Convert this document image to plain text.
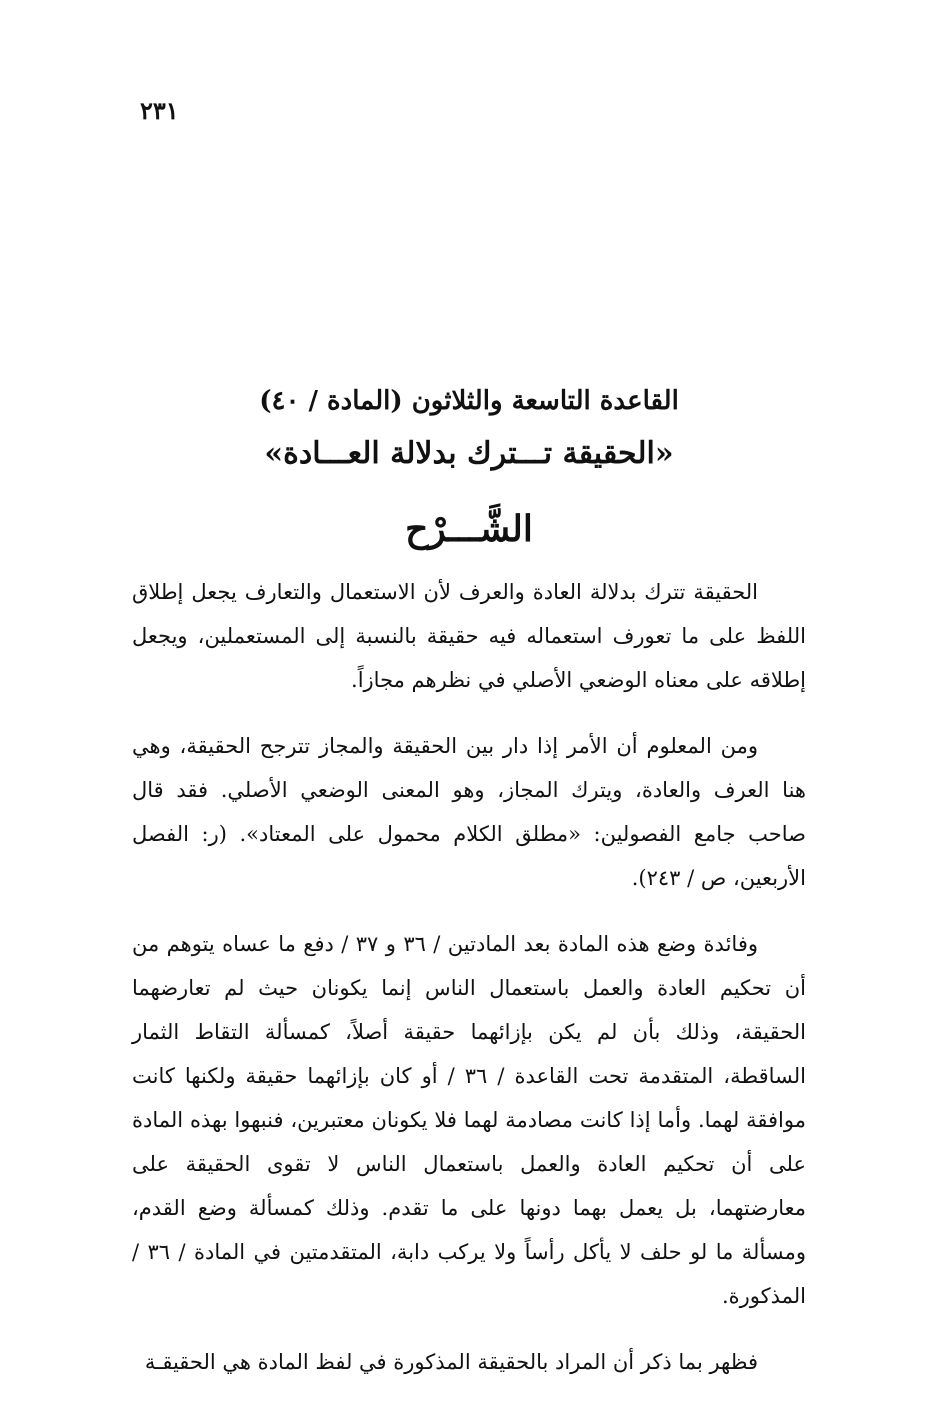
٢٣١
القاعدة التاسعة والثلاثون (المادة / ٤٠)
«الحقيقة تـــترك بدلالة العـــادة»
الشَّـــرْح

الحقيقة تترك بدلالة العادة والعرف لأن الاستعمال والتعارف يجعل إطلاق اللفظ على ما تعورف استعماله فيه حقيقة بالنسبة إلى المستعملين، ويجعل إطلاقه على معناه الوضعي الأصلي في نظرهم مجازاً.

ومن المعلوم أن الأمر إذا دار بين الحقيقة والمجاز تترجح الحقيقة، وهي هنا العرف والعادة، ويترك المجاز، وهو المعنى الوضعي الأصلي. فقد قال صاحب جامع الفصولين: «مطلق الكلام محمول على المعتاد». (ر: الفصل الأربعين، ص / ٢٤٣).

وفائدة وضع هذه المادة بعد المادتين / ٣٦ و ٣٧ / دفع ما عساه يتوهم من أن تحكيم العادة والعمل باستعمال الناس إنما يكونان حيث لم تعارضهما الحقيقة، وذلك بأن لم يكن بإزائهما حقيقة أصلاً، كمسألة التقاط الثمار الساقطة، المتقدمة تحت القاعدة / ٣٦ / أو كان بإزائهما حقيقة ولكنها كانت موافقة لهما. وأما إذا كانت مصادمة لهما فلا يكونان معتبرين، فنبهوا بهذه المادة على أن تحكيم العادة والعمل باستعمال الناس لا تقوى الحقيقة على معارضتهما، بل يعمل بهما دونها على ما تقدم. وذلك كمسألة وضع القدم، ومسألة ما لو حلف لا يأكل رأساً ولا يركب دابة، المتقدمتين في المادة / ٣٦ / المذكورة.

فظهر بما ذكر أن المراد بالحقيقة المذكورة في لفظ المادة هي الحقيقـة
